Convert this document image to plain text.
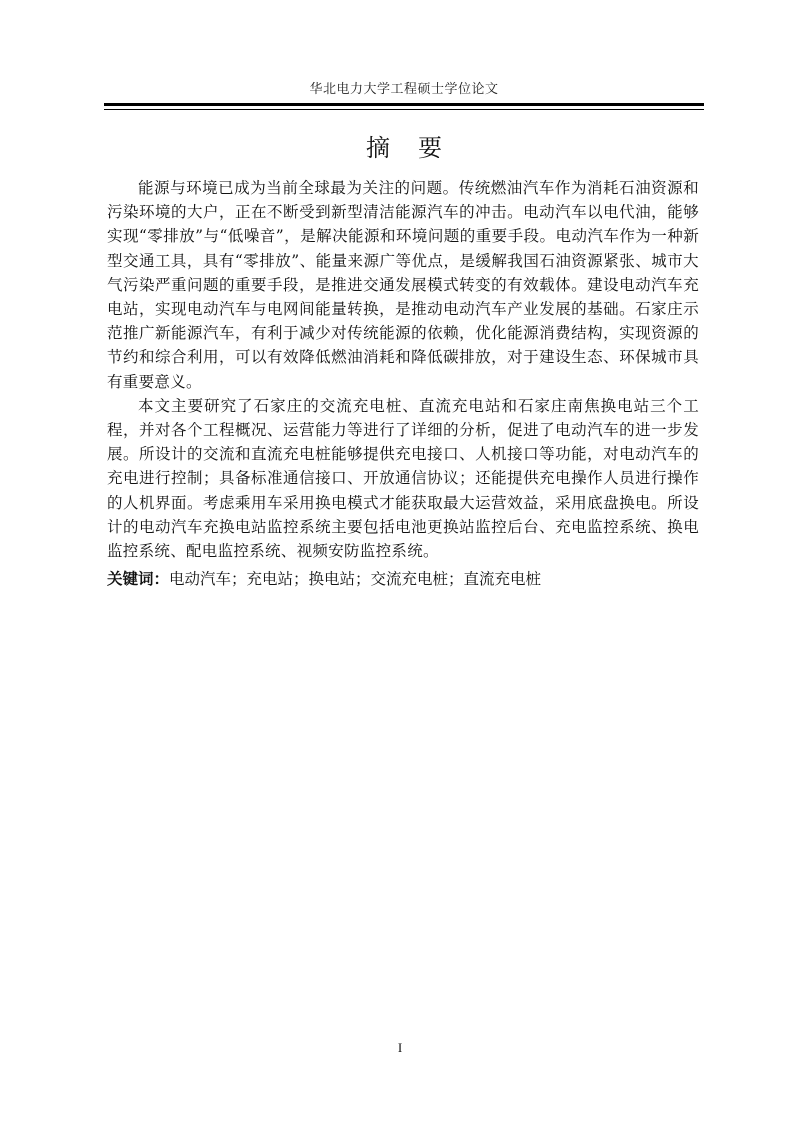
华北电力大学工程硕士学位论文
摘要

能源与环境已成为当前全球最为关注的问题。传统燃油汽车作为消耗石油资源和污染环境的大户，正在不断受到新型清洁能源汽车的冲击。电动汽车以电代油，能够实现“零排放”与“低噪音”，是解决能源和环境问题的重要手段。电动汽车作为一种新型交通工具，具有“零排放”、能量来源广等优点，是缓解我国石油资源紧张、城市大气污染严重问题的重要手段，是推进交通发展模式转变的有效载体。建设电动汽车充电站，实现电动汽车与电网间能量转换，是推动电动汽车产业发展的基础。石家庄示范推广新能源汽车，有利于减少对传统能源的依赖，优化能源消费结构，实现资源的节约和综合利用，可以有效降低燃油消耗和降低碳排放，对于建设生态、环保城市具有重要意义。

本文主要研究了石家庄的交流充电桩、直流充电站和石家庄南焦换电站三个工程，并对各个工程概况、运营能力等进行了详细的分析，促进了电动汽车的进一步发展。所设计的交流和直流充电桩能够提供充电接口、人机接口等功能，对电动汽车的充电进行控制；具备标准通信接口、开放通信协议；还能提供充电操作人员进行操作的人机界面。考虑乘用车采用换电模式才能获取最大运营效益，采用底盘换电。所设计的电动汽车充换电站监控系统主要包括电池更换站监控后台、充电监控系统、换电监控系统、配电监控系统、视频安防监控系统。

关键词：电动汽车；充电站；换电站；交流充电桩；直流充电桩
I
